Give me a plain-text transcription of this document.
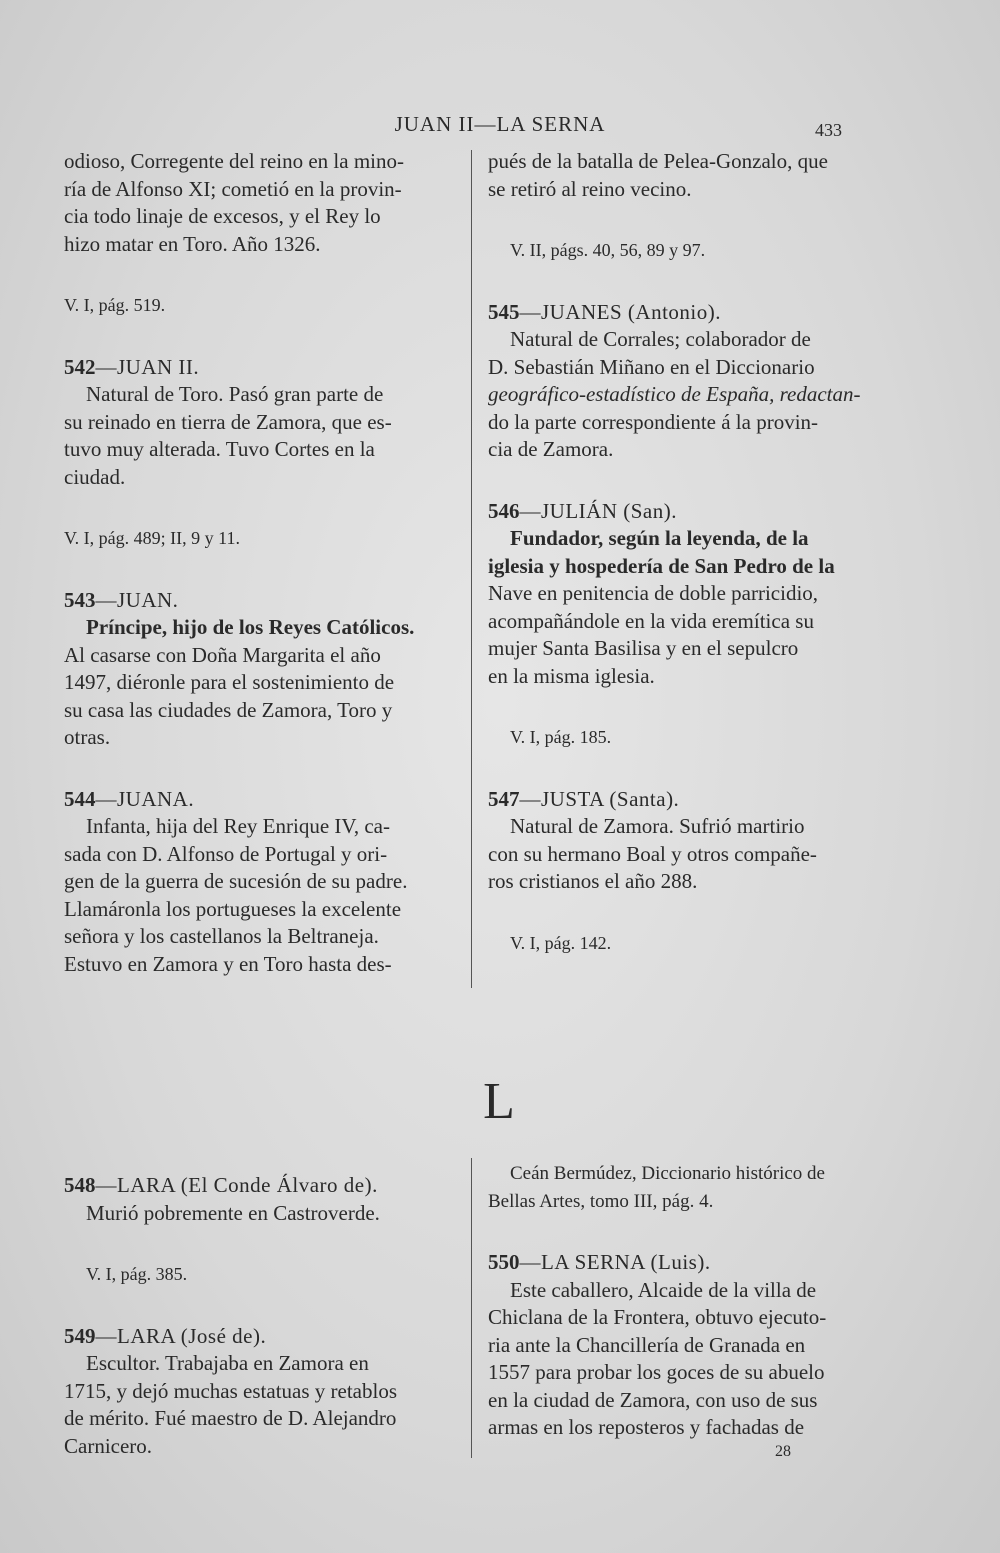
JUAN II—LA SERNA	433

odioso, Corregente del reino en la mino-

ría de Alfonso XI; cometió en la provin-

cia todo linaje de excesos, y el Rey lo

hizo matar en Toro. Año 1326.

V. I, pág. 519.

542—JUAN II.

Natural de Toro. Pasó gran parte de

su reinado en tierra de Zamora, que es-

tuvo muy alterada. Tuvo Cortes en la

ciudad.

V. I, pág. 489; II, 9 y 11.

543—JUAN.

Príncipe, hijo de los Reyes Católicos.

Al casarse con Doña Margarita el año

1497, diéronle para el sostenimiento de

su casa las ciudades de Zamora, Toro y

otras.

544—JUANA.

Infanta, hija del Rey Enrique IV, ca-

sada con D. Alfonso de Portugal y ori-

gen de la guerra de sucesión de su padre.

Llamáronla los portugueses la excelente

señora y los castellanos la Beltraneja.

Estuvo en Zamora y en Toro hasta des-

pués de la batalla de Pelea-Gonzalo, que

se retiró al reino vecino.

V. II, págs. 40, 56, 89 y 97.

545—JUANES (Antonio).

Natural de Corrales; colaborador de

D. Sebastián Miñano en el Diccionario

geográfico-estadístico de España, redactan-

do la parte correspondiente á la provin-

cia de Zamora.

546—JULIÁN (San).

Fundador, según la leyenda, de la

iglesia y hospedería de San Pedro de la

Nave en penitencia de doble parricidio,

acompañándole en la vida eremítica su

mujer Santa Basilisa y en el sepulcro

en la misma iglesia.

V. I, pág. 185.

547—JUSTA (Santa).

Natural de Zamora. Sufrió martirio

con su hermano Boal y otros compañe-

ros cristianos el año 288.

V. I, pág. 142.

L

548—LARA (El Conde Álvaro de).

Murió pobremente en Castroverde.

V. I, pág. 385.

549—LARA (José de).

Escultor. Trabajaba en Zamora en

1715, y dejó muchas estatuas y retablos

de mérito. Fué maestro de D. Alejandro

Carnicero.

Ceán Bermúdez, Diccionario histórico de

Bellas Artes, tomo III, pág. 4.

550—LA SERNA (Luis).

Este caballero, Alcaide de la villa de

Chiclana de la Frontera, obtuvo ejecuto-

ria ante la Chancillería de Granada en

1557 para probar los goces de su abuelo

en la ciudad de Zamora, con uso de sus

armas en los reposteros y fachadas de

28
